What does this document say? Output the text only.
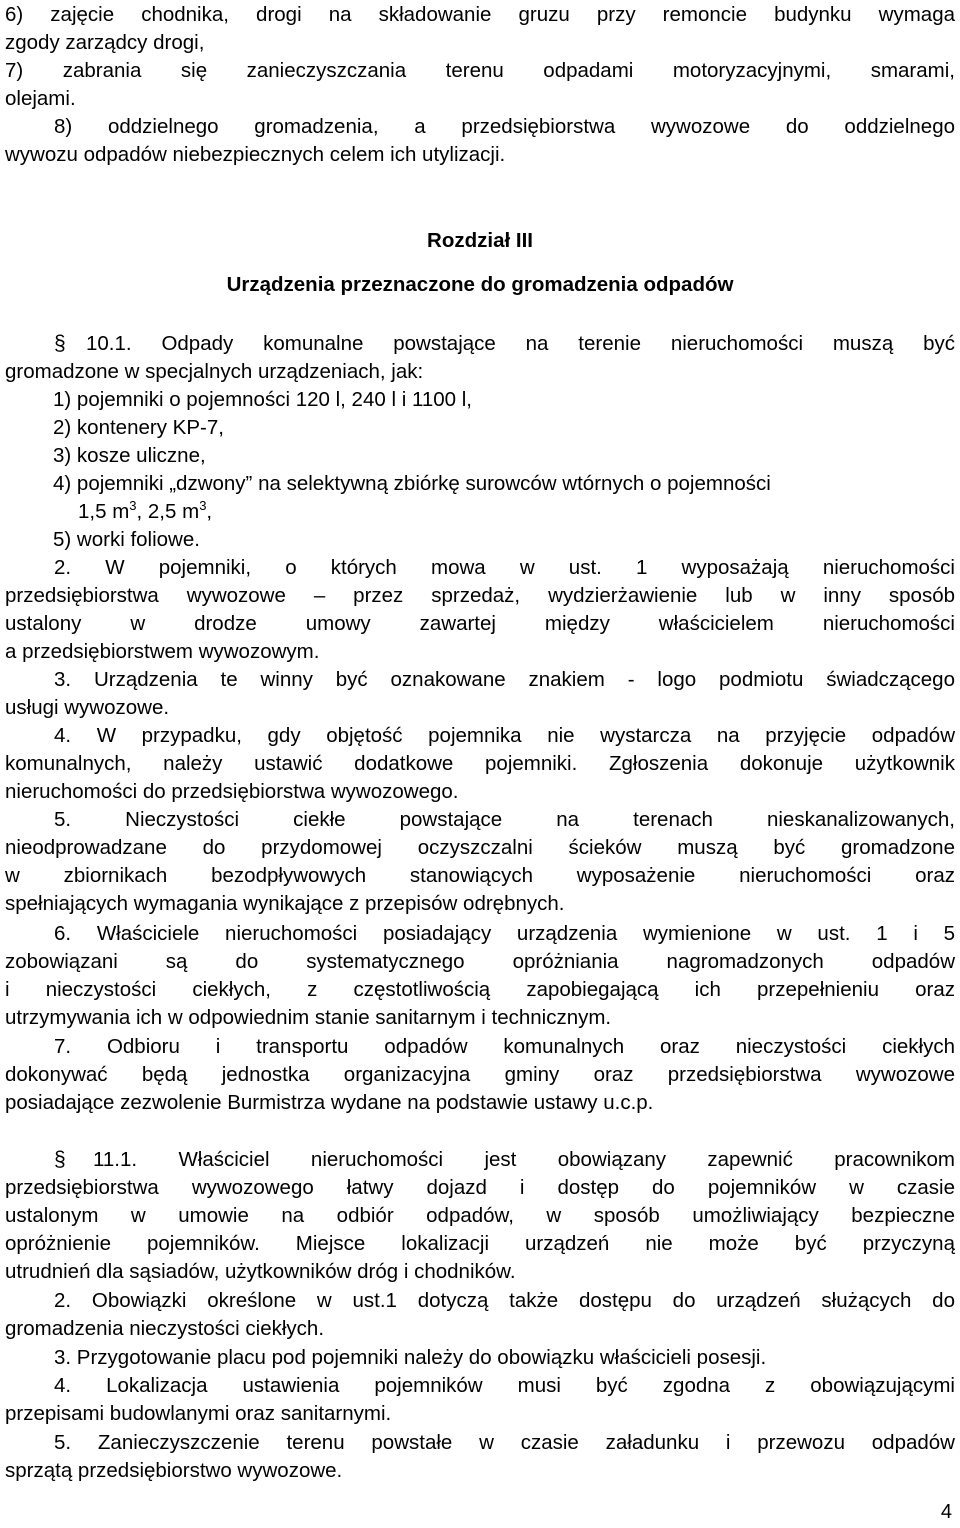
6) zajęcie chodnika, drogi na składowanie gruzu przy remoncie budynku wymaga
zgody zarządcy drogi,
7) zabrania się zanieczyszczania terenu odpadami motoryzacyjnymi, smarami,
olejami.
8) oddzielnego gromadzenia, a przedsiębiorstwa wywozowe do oddzielnego
wywozu odpadów niebezpiecznych celem ich utylizacji.
Rozdział III
Urządzenia przeznaczone do gromadzenia odpadów
§ 10.1. Odpady komunalne powstające na terenie nieruchomości muszą być
gromadzone w specjalnych urządzeniach, jak:
1) pojemniki o pojemności 120 l, 240 l i 1100 l,
2) kontenery KP-7,
3) kosze uliczne,
4) pojemniki „dzwony” na selektywną zbiórkę surowców wtórnych o pojemności
1,5 $m^3$, 2,5 $m^3$,
5) worki foliowe.
2. W pojemniki, o których mowa w ust. 1 wyposażają nieruchomości
przedsiębiorstwa wywozowe – przez sprzedaż, wydzierżawienie lub w inny sposób
ustalony w drodze umowy zawartej między właścicielem nieruchomości
a przedsiębiorstwem wywozowym.
3. Urządzenia te winny być oznakowane znakiem - logo podmiotu świadczącego
usługi wywozowe.
4. W przypadku, gdy objętość pojemnika nie wystarcza na przyjęcie odpadów
komunalnych, należy ustawić dodatkowe pojemniki. Zgłoszenia dokonuje użytkownik
nieruchomości do przedsiębiorstwa wywozowego.
5. Nieczystości ciekłe powstające na terenach nieskanalizowanych,
nieodprowadzane do przydomowej oczyszczalni ścieków muszą być gromadzone
w zbiornikach bezodpływowych stanowiących wyposażenie nieruchomości oraz
spełniających wymagania wynikające z przepisów odrębnych.
6. Właściciele nieruchomości posiadający urządzenia wymienione w ust. 1 i 5
zobowiązani są do systematycznego opróżniania nagromadzonych odpadów
i nieczystości ciekłych, z częstotliwością zapobiegającą ich przepełnieniu oraz
utrzymywania ich w odpowiednim stanie sanitarnym i technicznym.
7. Odbioru i transportu odpadów komunalnych oraz nieczystości ciekłych
dokonywać będą jednostka organizacyjna gminy oraz przedsiębiorstwa wywozowe
posiadające zezwolenie Burmistrza wydane na podstawie ustawy u.c.p.
§ 11.1. Właściciel nieruchomości jest obowiązany zapewnić pracownikom
przedsiębiorstwa wywozowego łatwy dojazd i dostęp do pojemników w czasie
ustalonym w umowie na odbiór odpadów, w sposób umożliwiający bezpieczne
opróżnienie pojemników. Miejsce lokalizacji urządzeń nie może być przyczyną
utrudnień dla sąsiadów, użytkowników dróg i chodników.
2. Obowiązki określone w ust.1 dotyczą także dostępu do urządzeń służących do
gromadzenia nieczystości ciekłych.
3. Przygotowanie placu pod pojemniki należy do obowiązku właścicieli posesji.
4. Lokalizacja ustawienia pojemników musi być zgodna z obowiązującymi
przepisami budowlanymi oraz sanitarnymi.
5. Zanieczyszczenie terenu powstałe w czasie załadunku i przewozu odpadów
sprzątą przedsiębiorstwo wywozowe.
4
